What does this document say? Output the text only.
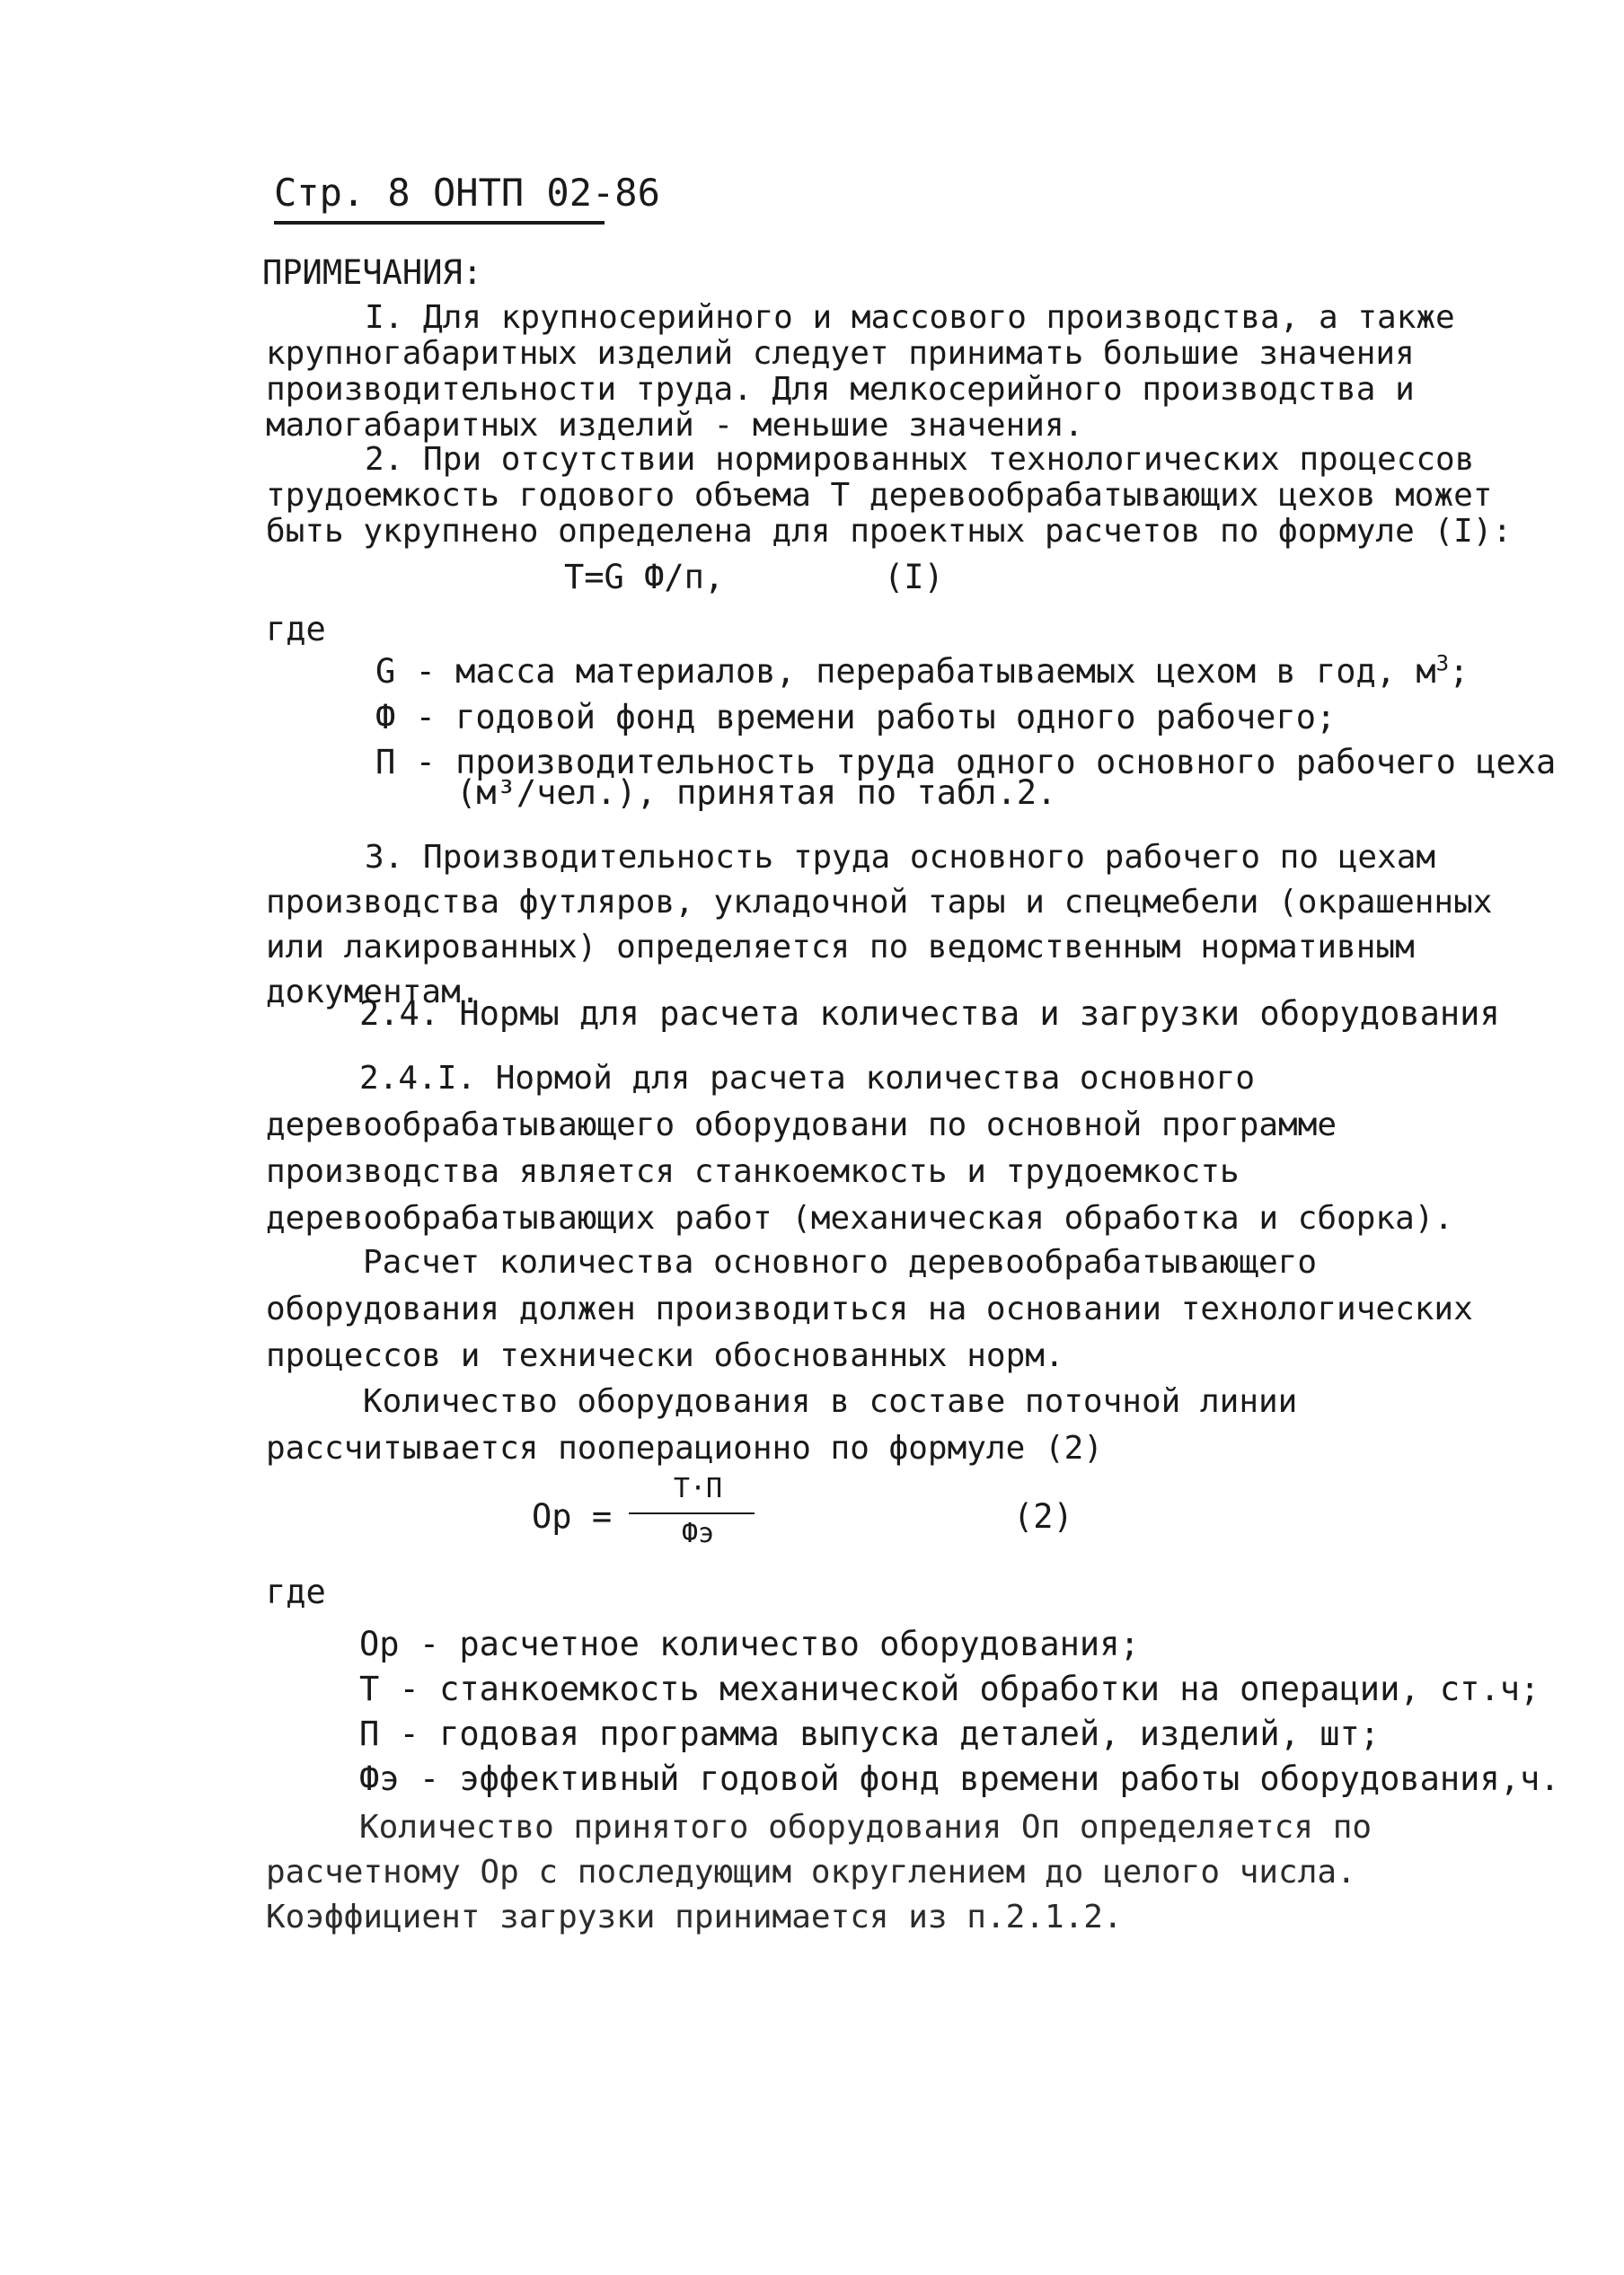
Стр. 8 ОНТП 02-86
ПРИМЕЧАНИЯ:
I. Для крупносерийного и массового производства, а также крупногабаритных изделий следует принимать большие значения производительности труда. Для мелкосерийного производства и малогабаритных изделий - меньшие значения.
2. При отсутствии нормированных технологических процессов трудоемкость годового объема Т деревообрабатывающих цехов может быть укрупнено определена для проектных расчетов по формуле (I):
T=G Ф/п,	(I)
где
G - масса материалов, перерабатываемых цехом в год, $м^3$;
Ф - годовой фонд времени работы одного рабочего;
П - производительность труда одного основного рабочего цеха
(м³/чел.), принятая по табл.2.
3. Производительность труда основного рабочего по цехам производства футляров, укладочной тары и спецмебели (окрашенных или лакированных) определяется по ведомственным нормативным документам.
2.4. Нормы для расчета количества и загрузки оборудования
2.4.I. Нормой для расчета количества основного деревообрабатывающего оборудовани по основной программе производства является станкоемкость и трудоемкость деревообрабатывающих работ (механическая обработка и сборка).
Расчет количества основного деревообрабатывающего оборудования должен производиться на основании технологических процессов и технически обоснованных норм.
Количество оборудования в составе поточной линии рассчитывается пооперационно по формуле (2)
Op =
T·П
Фэ	(2)
где
Op - расчетное количество оборудования;
T - станкоемкость механической обработки на операции, ст.ч;
П - годовая программа выпуска деталей, изделий, шт;
Фэ - эффективный годовой фонд времени работы оборудования,ч.
Количество принятого оборудования Оп определяется по расчетному Ор с последующим округлением до целого числа. Коэффициент загрузки принимается из п.2.1.2.
